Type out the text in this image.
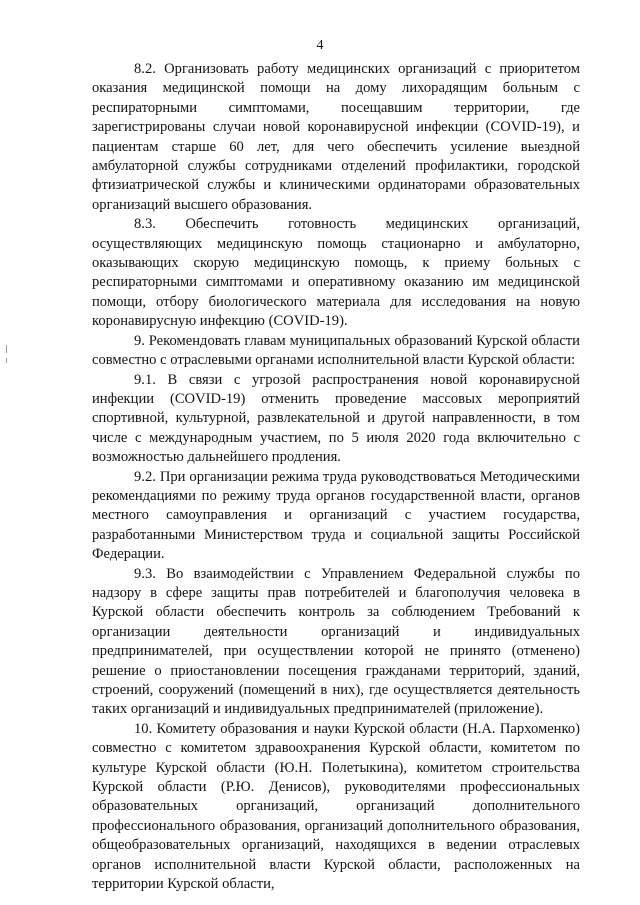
4

8.2. Организовать работу медицинских организаций с приоритетом оказания медицинской помощи на дому лихорадящим больным с респираторными симптомами, посещавшим территории, где зарегистрированы случаи новой коронавирусной инфекции (COVID-19), и пациентам старше 60 лет, для чего обеспечить усиление выездной амбулаторной службы сотрудниками отделений профилактики, городской фтизиатрической службы и клиническими ординаторами образовательных организаций высшего образования.

8.3. Обеспечить готовность медицинских организаций, осуществляющих медицинскую помощь стационарно и амбулаторно, оказывающих скорую медицинскую помощь, к приему больных с респираторными симптомами и оперативному оказанию им медицинской помощи, отбору биологического материала для исследования на новую коронавирусную инфекцию (COVID-19).

9. Рекомендовать главам муниципальных образований Курской области совместно с отраслевыми органами исполнительной власти Курской области:

9.1. В связи с угрозой распространения новой коронавирусной инфекции (COVID-19) отменить проведение массовых мероприятий спортивной, культурной, развлекательной и другой направленности, в том числе с международным участием, по 5 июля 2020 года включительно с возможностью дальнейшего продления.

9.2. При организации режима труда руководствоваться Методическими рекомендациями по режиму труда органов государственной власти, органов местного самоуправления и организаций с участием государства, разработанными Министерством труда и социальной защиты Российской Федерации.

9.3. Во взаимодействии с Управлением Федеральной службы по надзору в сфере защиты прав потребителей и благополучия человека в Курской области обеспечить контроль за соблюдением Требований к организации деятельности организаций и индивидуальных предпринимателей, при осуществлении которой не принято (отменено) решение о приостановлении посещения гражданами территорий, зданий, строений, сооружений (помещений в них), где осуществляется деятельность таких организаций и индивидуальных предпринимателей (приложение).

10. Комитету образования и науки Курской области (Н.А. Пархоменко) совместно с комитетом здравоохранения Курской области, комитетом по культуре Курской области (Ю.Н. Полетыкина), комитетом строительства Курской области (Р.Ю. Денисов), руководителями профессиональных образовательных организаций, организаций дополнительного профессионального образования, организаций дополнительного образования, общеобразовательных организаций, находящихся в ведении отраслевых органов исполнительной власти Курской области, расположенных на территории Курской области,
